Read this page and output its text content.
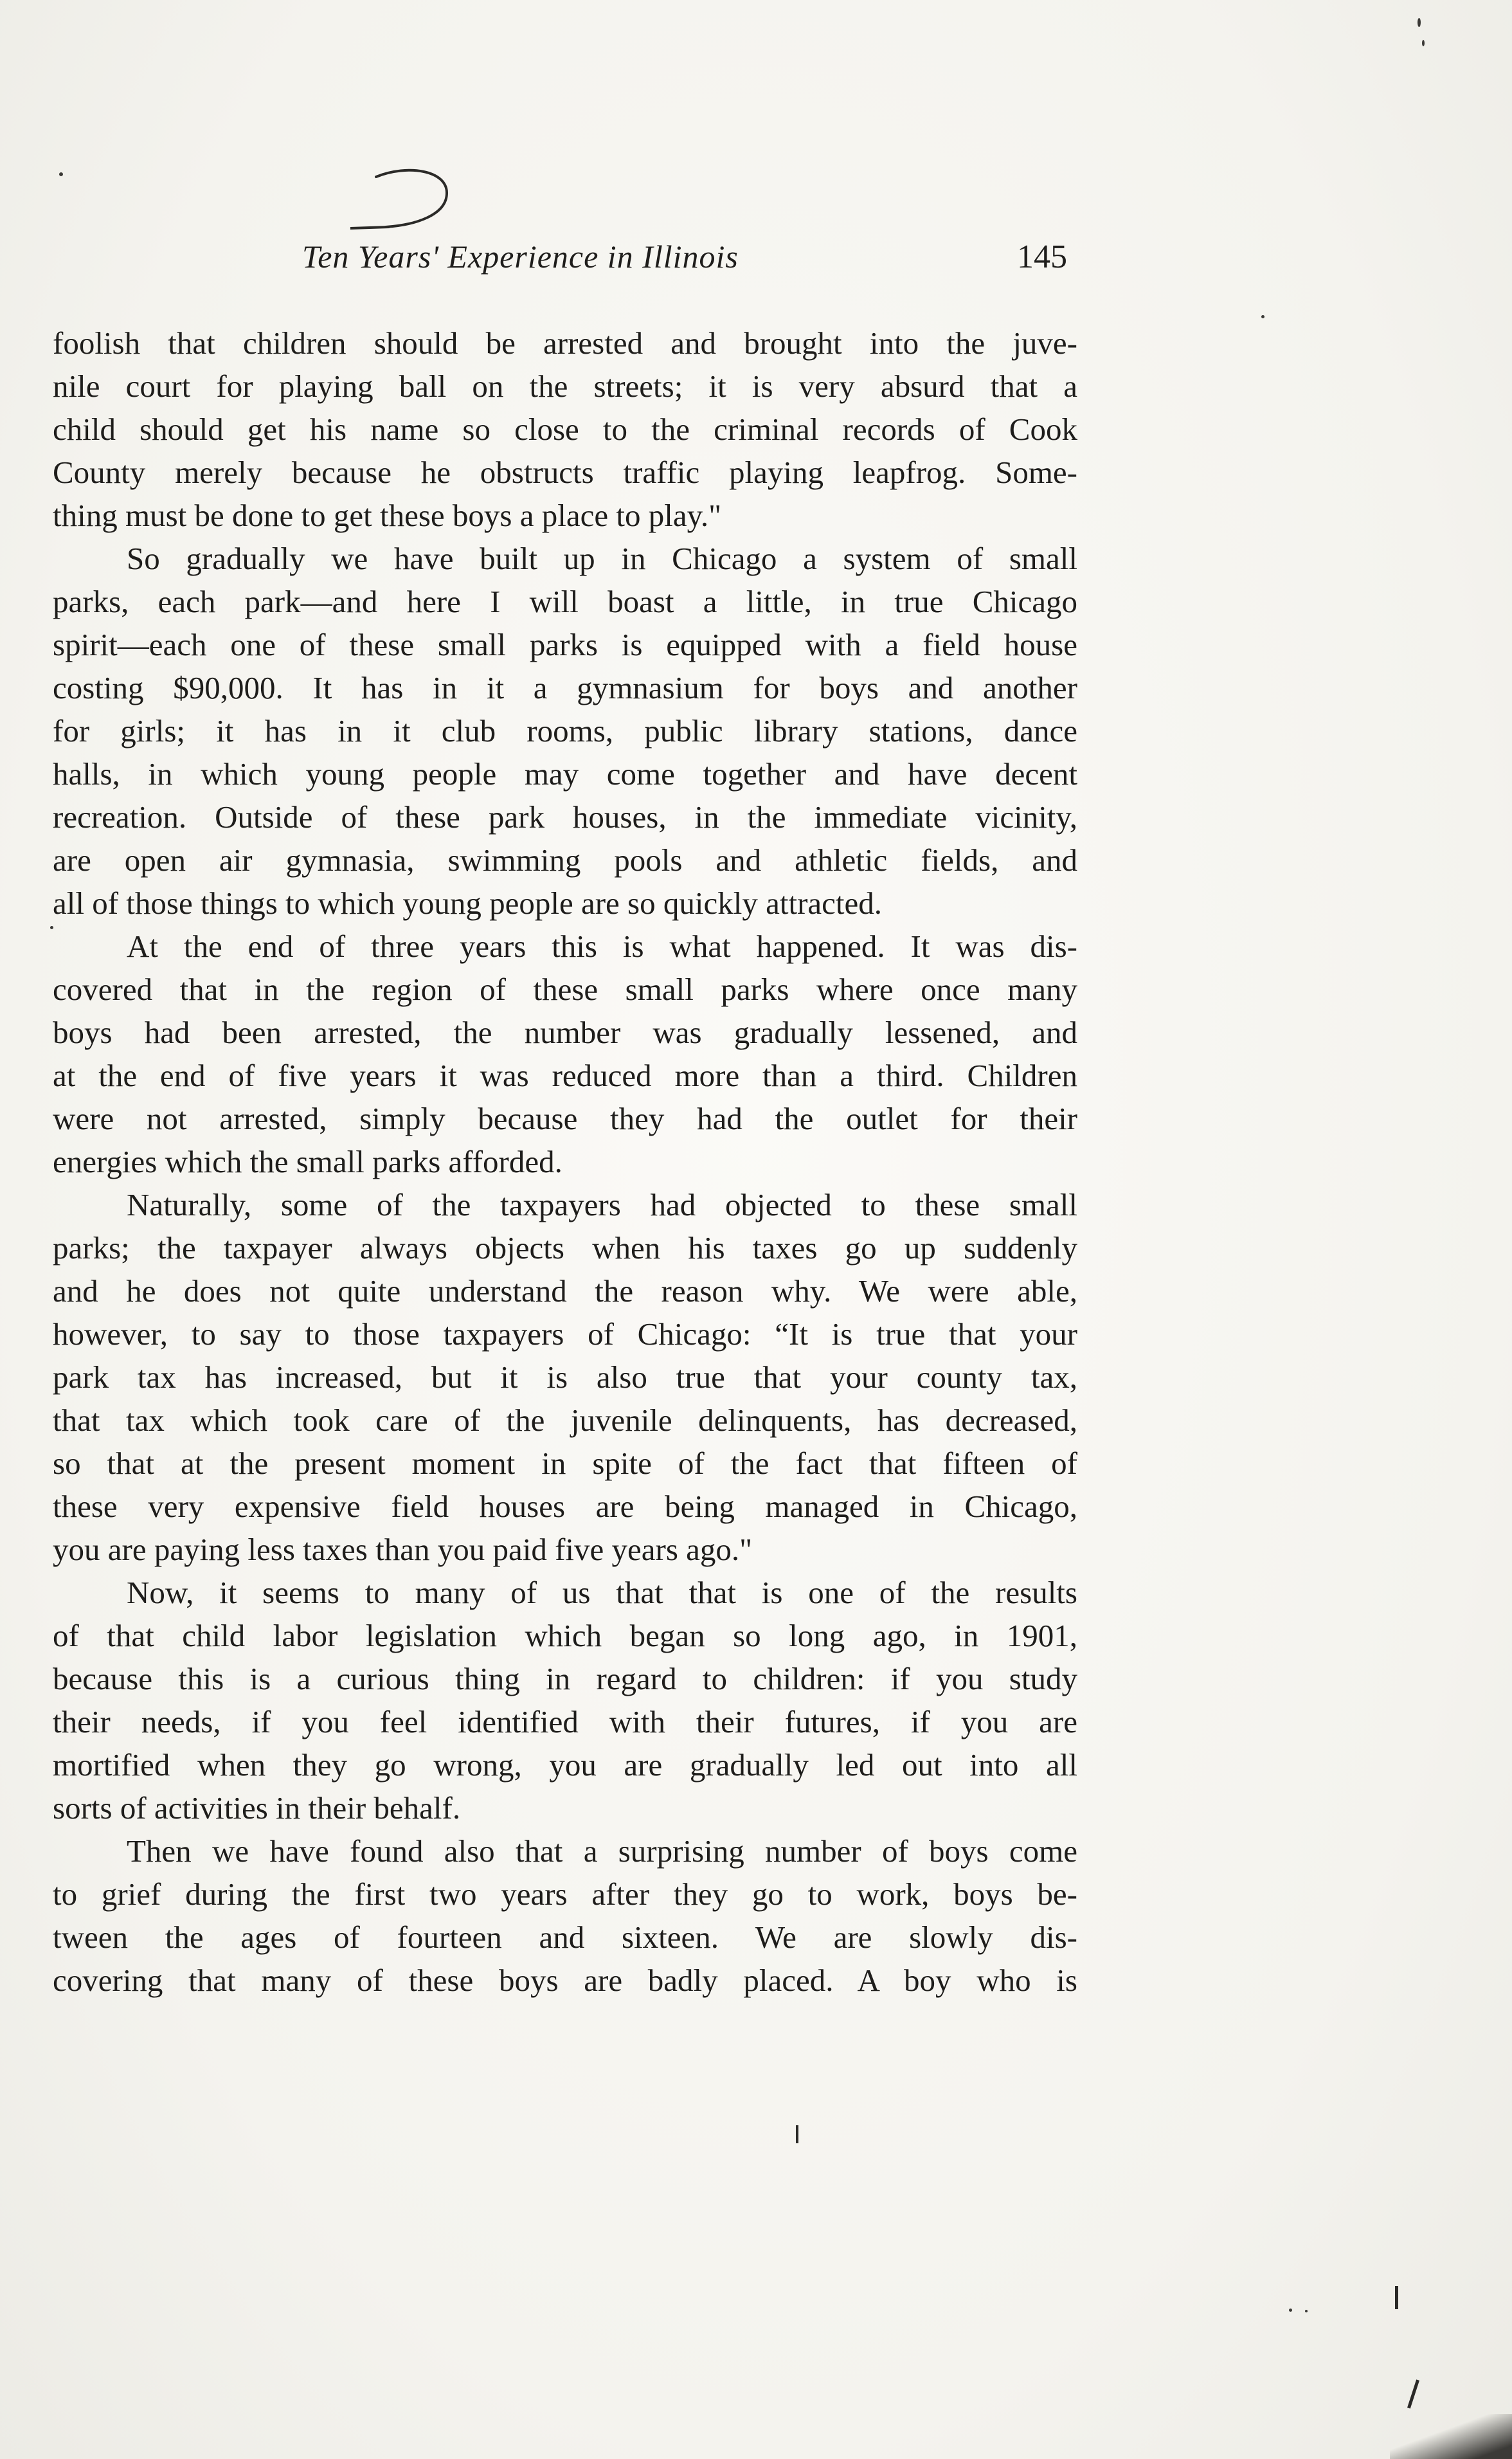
Ten Years' Experience in Illinois	145
foolish that children should be arrested and brought into the juve-
nile court for playing ball on the streets; it is very absurd that a
child should get his name so close to the criminal records of Cook
County merely because he obstructs traffic playing leapfrog. Some-
thing must be done to get these boys a place to play."
So gradually we have built up in Chicago a system of small
parks, each park—and here I will boast a little, in true Chicago
spirit—each one of these small parks is equipped with a field house
costing $90,000. It has in it a gymnasium for boys and another
for girls; it has in it club rooms, public library stations, dance
halls, in which young people may come together and have decent
recreation. Outside of these park houses, in the immediate vicinity,
are open air gymnasia, swimming pools and athletic fields, and
all of those things to which young people are so quickly attracted.
At the end of three years this is what happened. It was dis-
covered that in the region of these small parks where once many
boys had been arrested, the number was gradually lessened, and
at the end of five years it was reduced more than a third. Children
were not arrested, simply because they had the outlet for their
energies which the small parks afforded.
Naturally, some of the taxpayers had objected to these small
parks; the taxpayer always objects when his taxes go up suddenly
and he does not quite understand the reason why. We were able,
however, to say to those taxpayers of Chicago: “It is true that your
park tax has increased, but it is also true that your county tax,
that tax which took care of the juvenile delinquents, has decreased,
so that at the present moment in spite of the fact that fifteen of
these very expensive field houses are being managed in Chicago,
you are paying less taxes than you paid five years ago."
Now, it seems to many of us that that is one of the results
of that child labor legislation which began so long ago, in 1901,
because this is a curious thing in regard to children: if you study
their needs, if you feel identified with their futures, if you are
mortified when they go wrong, you are gradually led out into all
sorts of activities in their behalf.
Then we have found also that a surprising number of boys come
to grief during the first two years after they go to work, boys be-
tween the ages of fourteen and sixteen. We are slowly dis-
covering that many of these boys are badly placed. A boy who is
